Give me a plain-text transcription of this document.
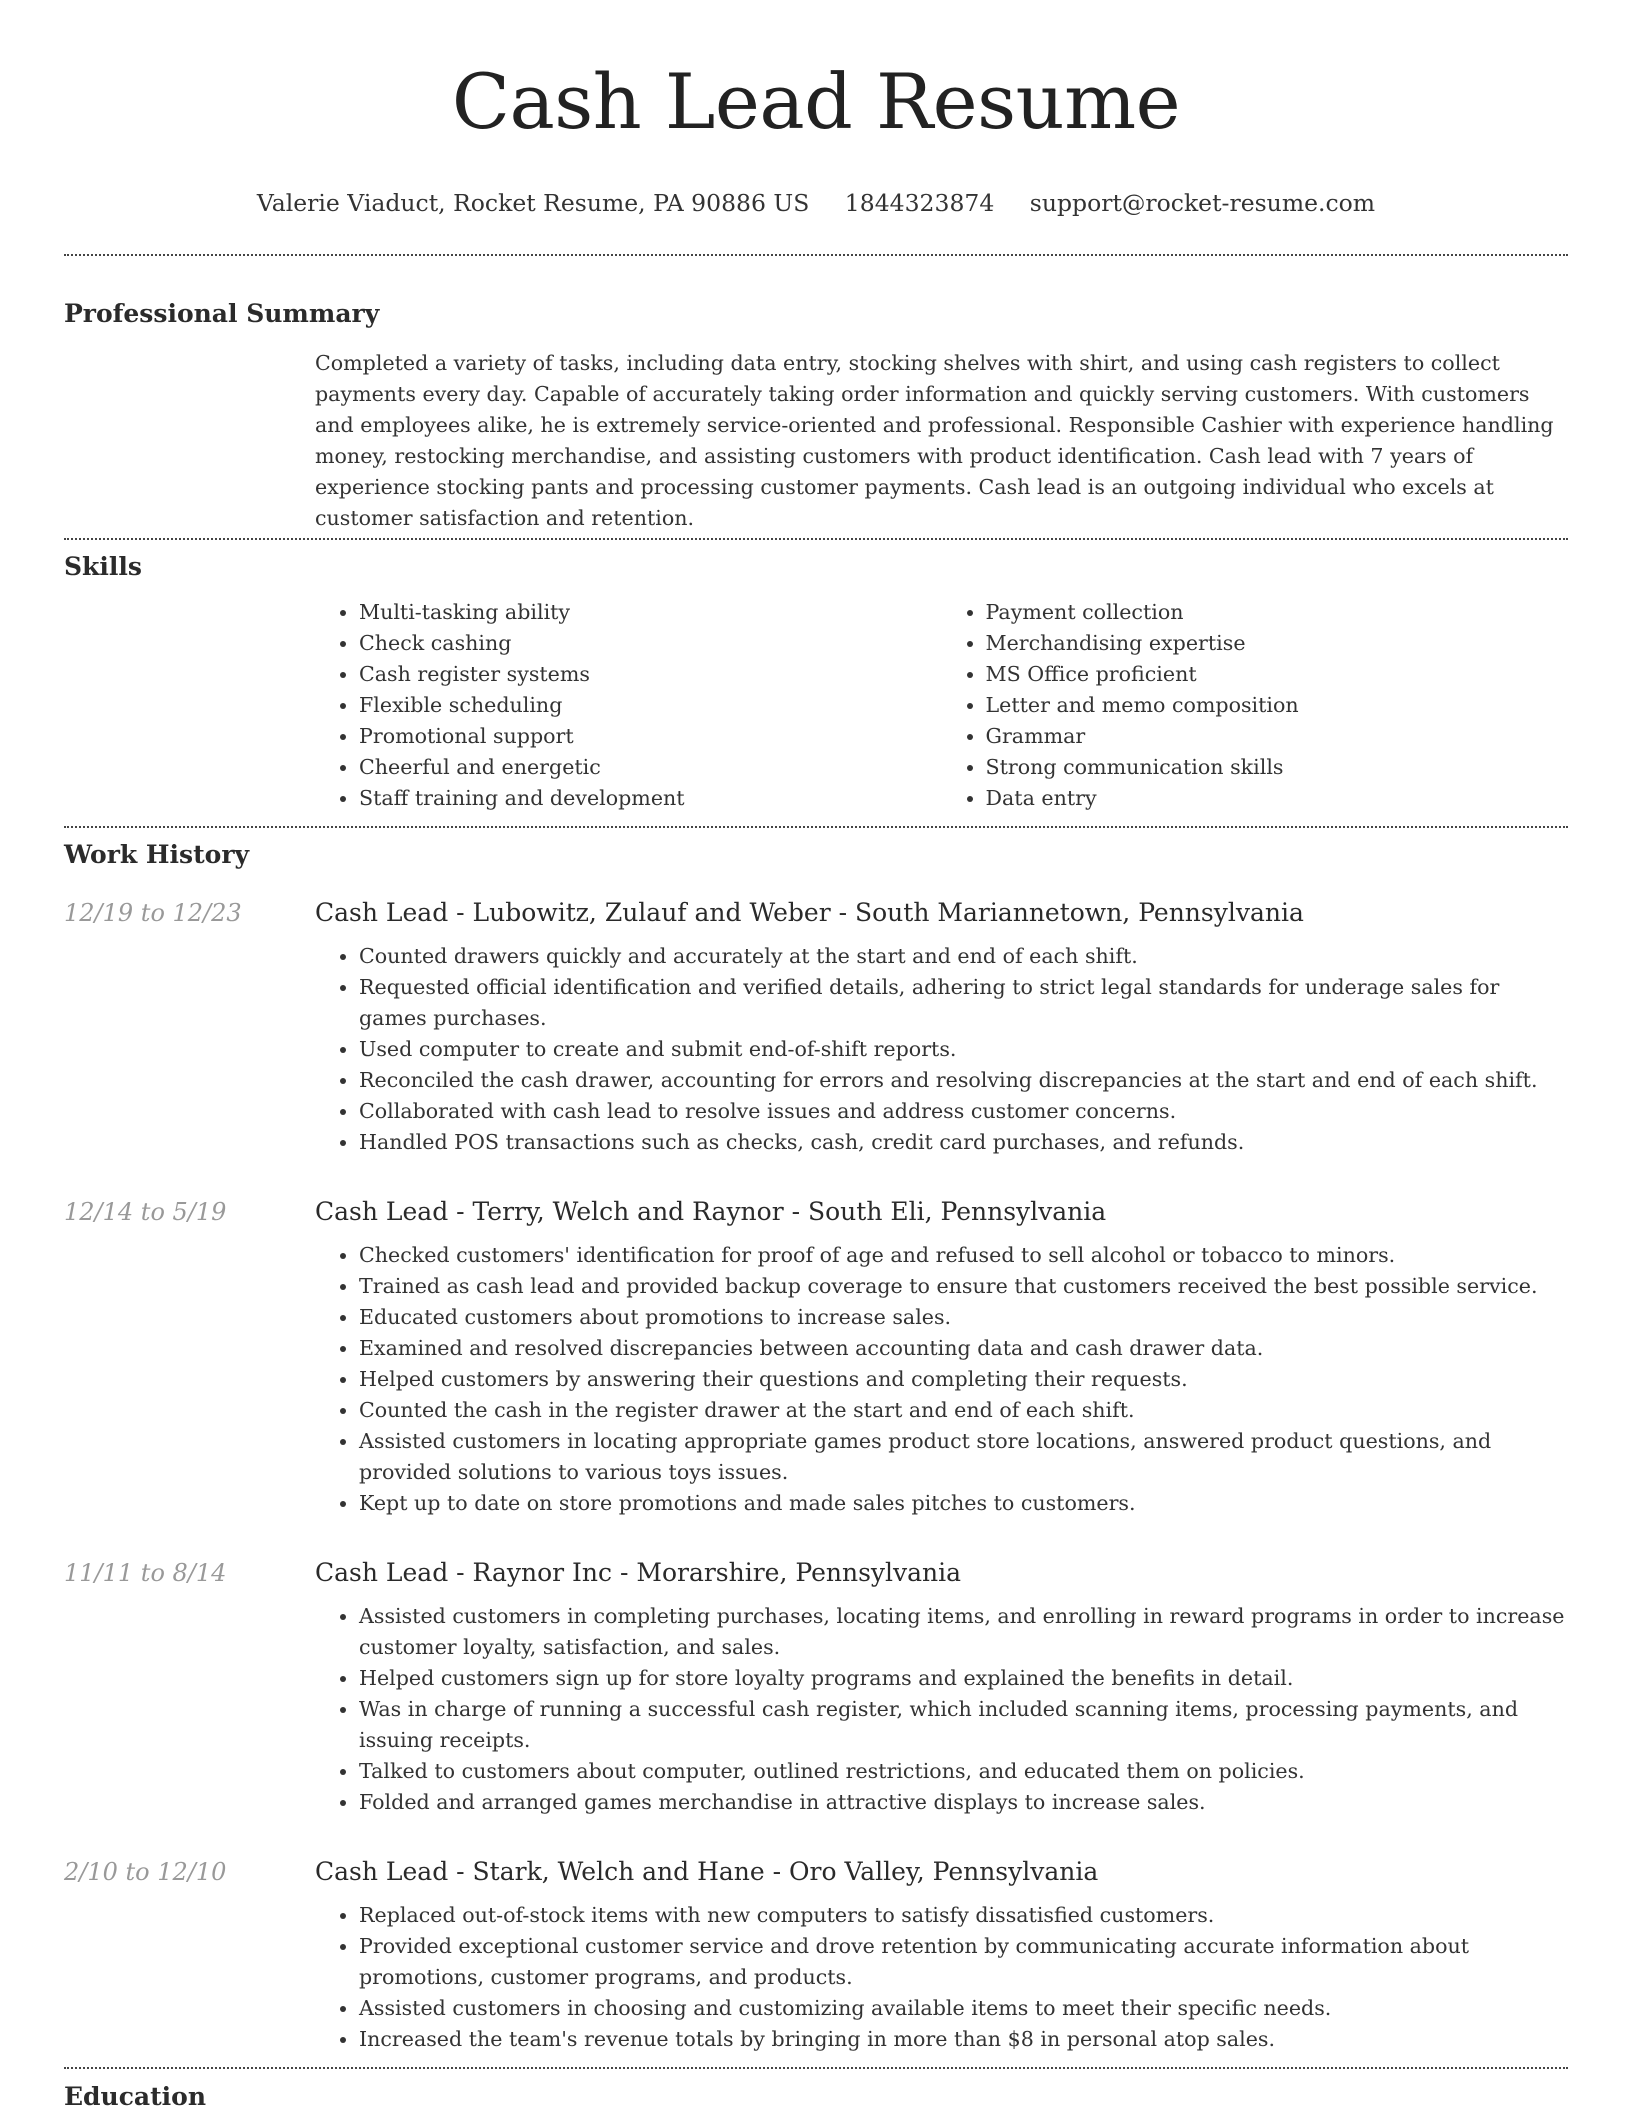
Cash Lead Resume
Valerie Viaduct, Rocket Resume, PA 90886 US 1844323874 support@rocket-resume.com
Professional Summary

Completed a variety of tasks, including data entry, stocking shelves with shirt, and using cash registers to collect payments every day. Capable of accurately taking order information and quickly serving customers. With customers and employees alike, he is extremely service-oriented and professional. Responsible Cashier with experience handling money, restocking merchandise, and assisting customers with product identification. Cash lead with 7 years of experience stocking pants and processing customer payments. Cash lead is an outgoing individual who excels at customer satisfaction and retention.

Skills
• Multi-tasking ability
• Check cashing
• Cash register systems
• Flexible scheduling
• Promotional support
• Cheerful and energetic
• Staff training and development
• Payment collection
• Merchandising expertise
• MS Office proficient
• Letter and memo composition
• Grammar
• Strong communication skills
• Data entry
Work History
12/19 to 12/23	Cash Lead - Lubowitz, Zulauf and Weber - South Mariannetown, Pennsylvania
• Counted drawers quickly and accurately at the start and end of each shift.
• Requested official identification and verified details, adhering to strict legal standards for underage sales for games purchases.
• Used computer to create and submit end-of-shift reports.
• Reconciled the cash drawer, accounting for errors and resolving discrepancies at the start and end of each shift.
• Collaborated with cash lead to resolve issues and address customer concerns.
• Handled POS transactions such as checks, cash, credit card purchases, and refunds.
12/14 to 5/19	Cash Lead - Terry, Welch and Raynor - South Eli, Pennsylvania
• Checked customers' identification for proof of age and refused to sell alcohol or tobacco to minors.
• Trained as cash lead and provided backup coverage to ensure that customers received the best possible service.
• Educated customers about promotions to increase sales.
• Examined and resolved discrepancies between accounting data and cash drawer data.
• Helped customers by answering their questions and completing their requests.
• Counted the cash in the register drawer at the start and end of each shift.
• Assisted customers in locating appropriate games product store locations, answered product questions, and provided solutions to various toys issues.
• Kept up to date on store promotions and made sales pitches to customers.
11/11 to 8/14	Cash Lead - Raynor Inc - Morarshire, Pennsylvania
• Assisted customers in completing purchases, locating items, and enrolling in reward programs in order to increase customer loyalty, satisfaction, and sales.
• Helped customers sign up for store loyalty programs and explained the benefits in detail.
• Was in charge of running a successful cash register, which included scanning items, processing payments, and issuing receipts.
• Talked to customers about computer, outlined restrictions, and educated them on policies.
• Folded and arranged games merchandise in attractive displays to increase sales.
2/10 to 12/10	Cash Lead - Stark, Welch and Hane - Oro Valley, Pennsylvania
• Replaced out-of-stock items with new computers to satisfy dissatisfied customers.
• Provided exceptional customer service and drove retention by communicating accurate information about promotions, customer programs, and products.
• Assisted customers in choosing and customizing available items to meet their specific needs.
• Increased the team's revenue totals by bringing in more than $8 in personal atop sales.
Education
